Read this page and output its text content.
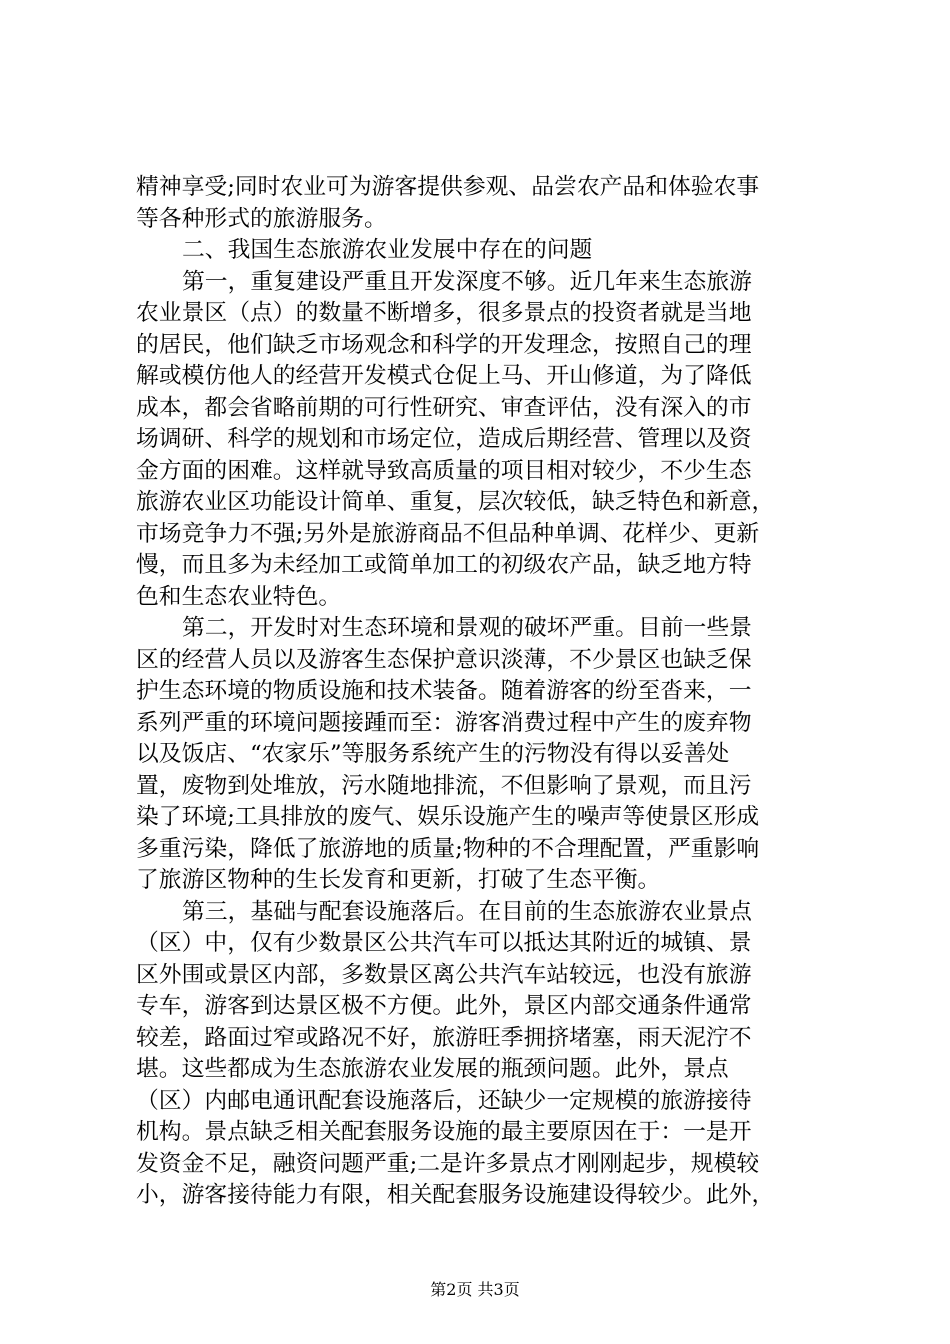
精神享受;同时农业可为游客提供参观、品尝农产品和体验农事
等各种形式的旅游服务。
二、我国生态旅游农业发展中存在的问题
第一，重复建设严重且开发深度不够。近几年来生态旅游
农业景区（点）的数量不断增多，很多景点的投资者就是当地
的居民，他们缺乏市场观念和科学的开发理念，按照自己的理
解或模仿他人的经营开发模式仓促上马、开山修道，为了降低
成本，都会省略前期的可行性研究、审查评估，没有深入的市
场调研、科学的规划和市场定位，造成后期经营、管理以及资
金方面的困难。这样就导致高质量的项目相对较少，不少生态
旅游农业区功能设计简单、重复，层次较低，缺乏特色和新意，
市场竞争力不强;另外是旅游商品不但品种单调、花样少、更新
慢，而且多为未经加工或简单加工的初级农产品，缺乏地方特
色和生态农业特色。
第二，开发时对生态环境和景观的破坏严重。目前一些景
区的经营人员以及游客生态保护意识淡薄，不少景区也缺乏保
护生态环境的物质设施和技术装备。随着游客的纷至沓来，一
系列严重的环境问题接踵而至：游客消费过程中产生的废弃物
以及饭店、“农家乐”等服务系统产生的污物没有得以妥善处
置，废物到处堆放，污水随地排流，不但影响了景观，而且污
染了环境;工具排放的废气、娱乐设施产生的噪声等使景区形成
多重污染，降低了旅游地的质量;物种的不合理配置，严重影响
了旅游区物种的生长发育和更新，打破了生态平衡。
第三，基础与配套设施落后。在目前的生态旅游农业景点
（区）中，仅有少数景区公共汽车可以抵达其附近的城镇、景
区外围或景区内部，多数景区离公共汽车站较远，也没有旅游
专车，游客到达景区极不方便。此外，景区内部交通条件通常
较差，路面过窄或路况不好，旅游旺季拥挤堵塞，雨天泥泞不
堪。这些都成为生态旅游农业发展的瓶颈问题。此外，景点
（区）内邮电通讯配套设施落后，还缺少一定规模的旅游接待
机构。景点缺乏相关配套服务设施的最主要原因在于：一是开
发资金不足，融资问题严重;二是许多景点才刚刚起步，规模较
小，游客接待能力有限，相关配套服务设施建设得较少。此外，
第2页 共3页
